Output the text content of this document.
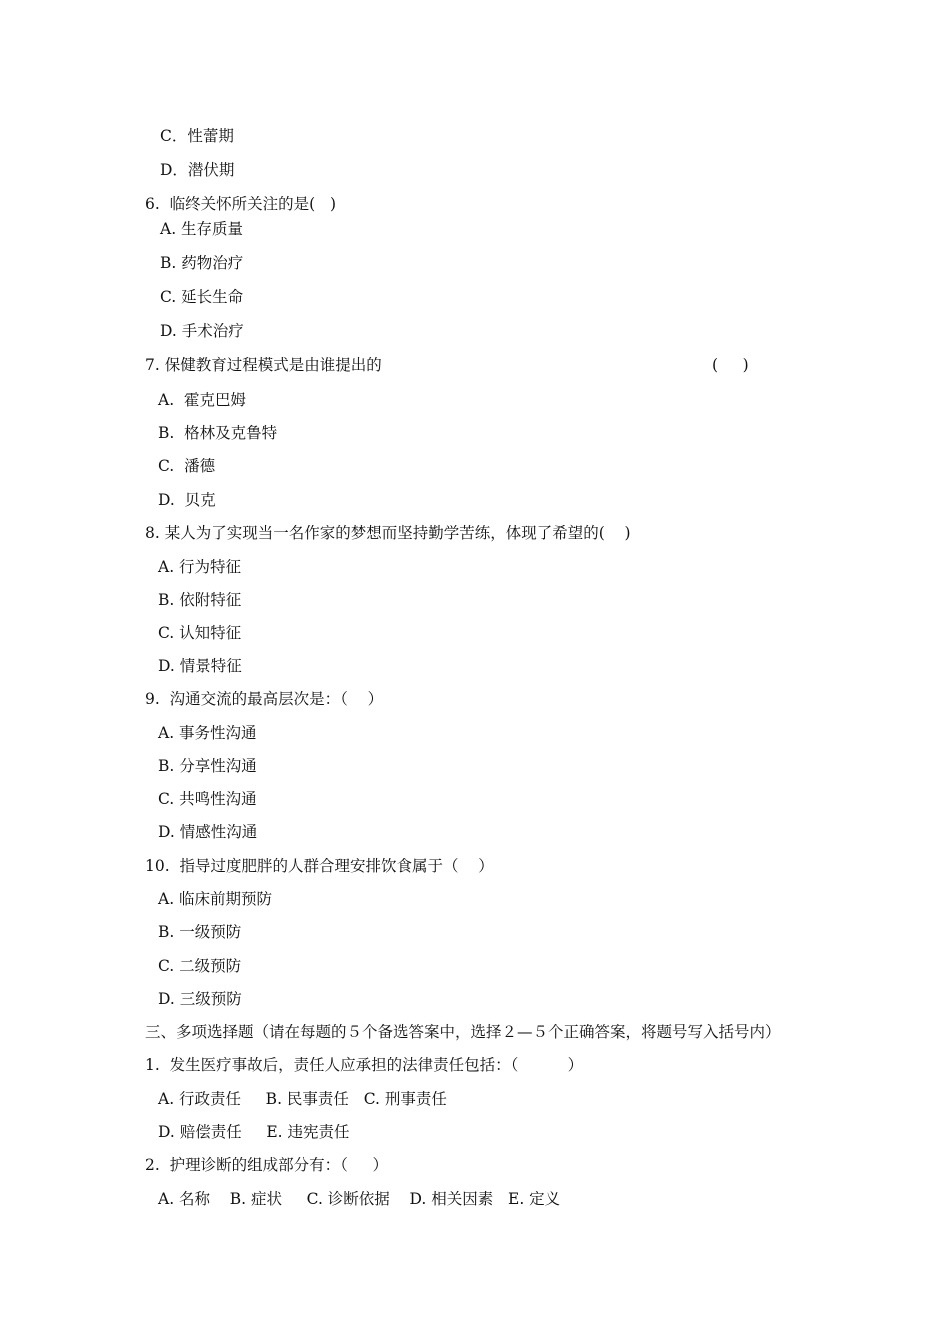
C．性蕾期
D．潜伏期
6.  临终关怀所关注的是(   )
A. 生存质量
B. 药物治疗
C. 延长生命
D. 手术治疗
7. 保健教育过程模式是由谁提出的	(     )
A.  霍克巴姆
B.  格林及克鲁特
C.  潘德
D.  贝克
8. 某人为了实现当一名作家的梦想而坚持勤学苦练，体现了希望的(    )
A. 行为特征
B. 依附特征
C. 认知特征
D. 情景特征
9.  沟通交流的最高层次是：（    ）
A. 事务性沟通
B. 分享性沟通
C. 共鸣性沟通
D. 情感性沟通
10.  指导过度肥胖的人群合理安排饮食属于（    ）
A. 临床前期预防
B. 一级预防
C. 二级预防
D. 三级预防
三、多项选择题（请在每题的５个备选答案中，选择２—５个正确答案，将题号写入括号内）
1.  发生医疗事故后，责任人应承担的法律责任包括：（          ）
A. 行政责任     B. 民事责任   C. 刑事责任
D. 赔偿责任     E. 违宪责任
2.  护理诊断的组成部分有：（     ）
A. 名称    B. 症状     C. 诊断依据    D. 相关因素   E. 定义
